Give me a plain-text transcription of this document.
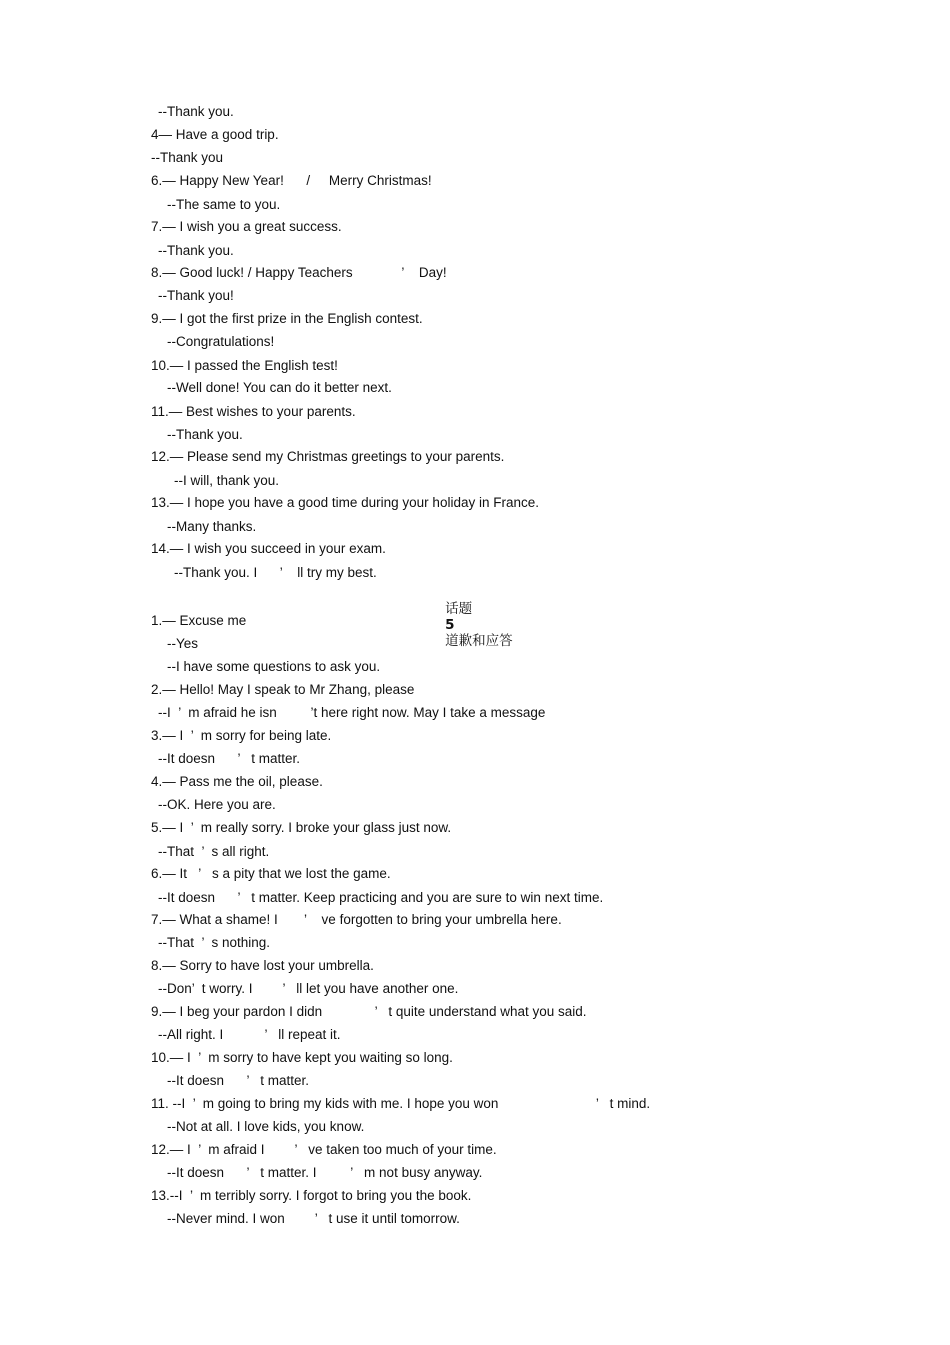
--Thank you.
4— Have a good trip.
--Thank you
6.— Happy New Year!      /     Merry Christmas!
--The same to you.
7.— I wish you a great success.
--Thank you.
8.— Good luck! / Happy Teachers             ’    Day!
--Thank you!
9.— I got the first prize in the English contest.
--Congratulations!
10.— I passed the English test!
--Well done! You can do it better next.
11.— Best wishes to your parents.
--Thank you.
12.— Please send my Christmas greetings to your parents.
--I will, thank you.
13.— I hope you have a good time during your holiday in France.
--Many thanks.
14.— I wish you succeed in your exam.
--Thank you. I      ’    ll try my best.

话题
5
道歉和应答

1.— Excuse me
--Yes
--I have some questions to ask you.
2.— Hello! May I speak to Mr Zhang, please
--I  ’  m afraid he isn         ’t here right now. May I take a message
3.— I  ’  m sorry for being late.
--It doesn      ’   t matter.
4.— Pass me the oil, please.
--OK. Here you are.
5.— I  ’  m really sorry. I broke your glass just now.
--That  ’  s all right.
6.— It   ’   s a pity that we lost the game.
--It doesn      ’   t matter. Keep practicing and you are sure to win next time.
7.— What a shame! I       ’    ve forgotten to bring your umbrella here.
--That  ’  s nothing.
8.— Sorry to have lost your umbrella.
--Don’  t worry. I        ’   ll let you have another one.
9.— I beg your pardon I didn              ’   t quite understand what you said.
--All right. I           ’   ll repeat it.
10.— I  ’  m sorry to have kept you waiting so long.
--It doesn      ’   t matter.
11. --I  ’  m going to bring my kids with me. I hope you won                          ’   t mind.
--Not at all. I love kids, you know.
12.— I  ’  m afraid I        ’   ve taken too much of your time.
--It doesn      ’   t matter. I         ’   m not busy anyway.
13.--I  ’  m terribly sorry. I forgot to bring you the book.
--Never mind. I won        ’   t use it until tomorrow.
